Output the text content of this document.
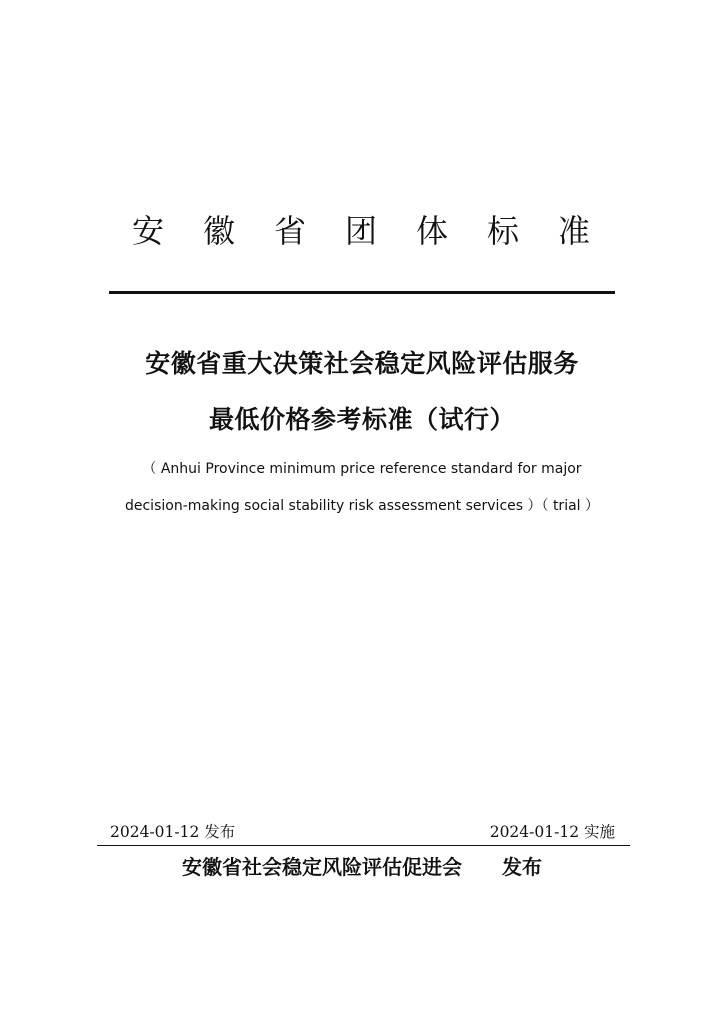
安	徽	省	团	体	标	准
安徽省重大决策社会稳定风险评估服务
最低价格参考标准（试行）
（ Anhui Province minimum price reference standard for major
decision-making social stability risk assessment services ）（ trial ）
2024-01-12 发布	2024-01-12 实施
安徽省社会稳定风险评估促进会 发布
